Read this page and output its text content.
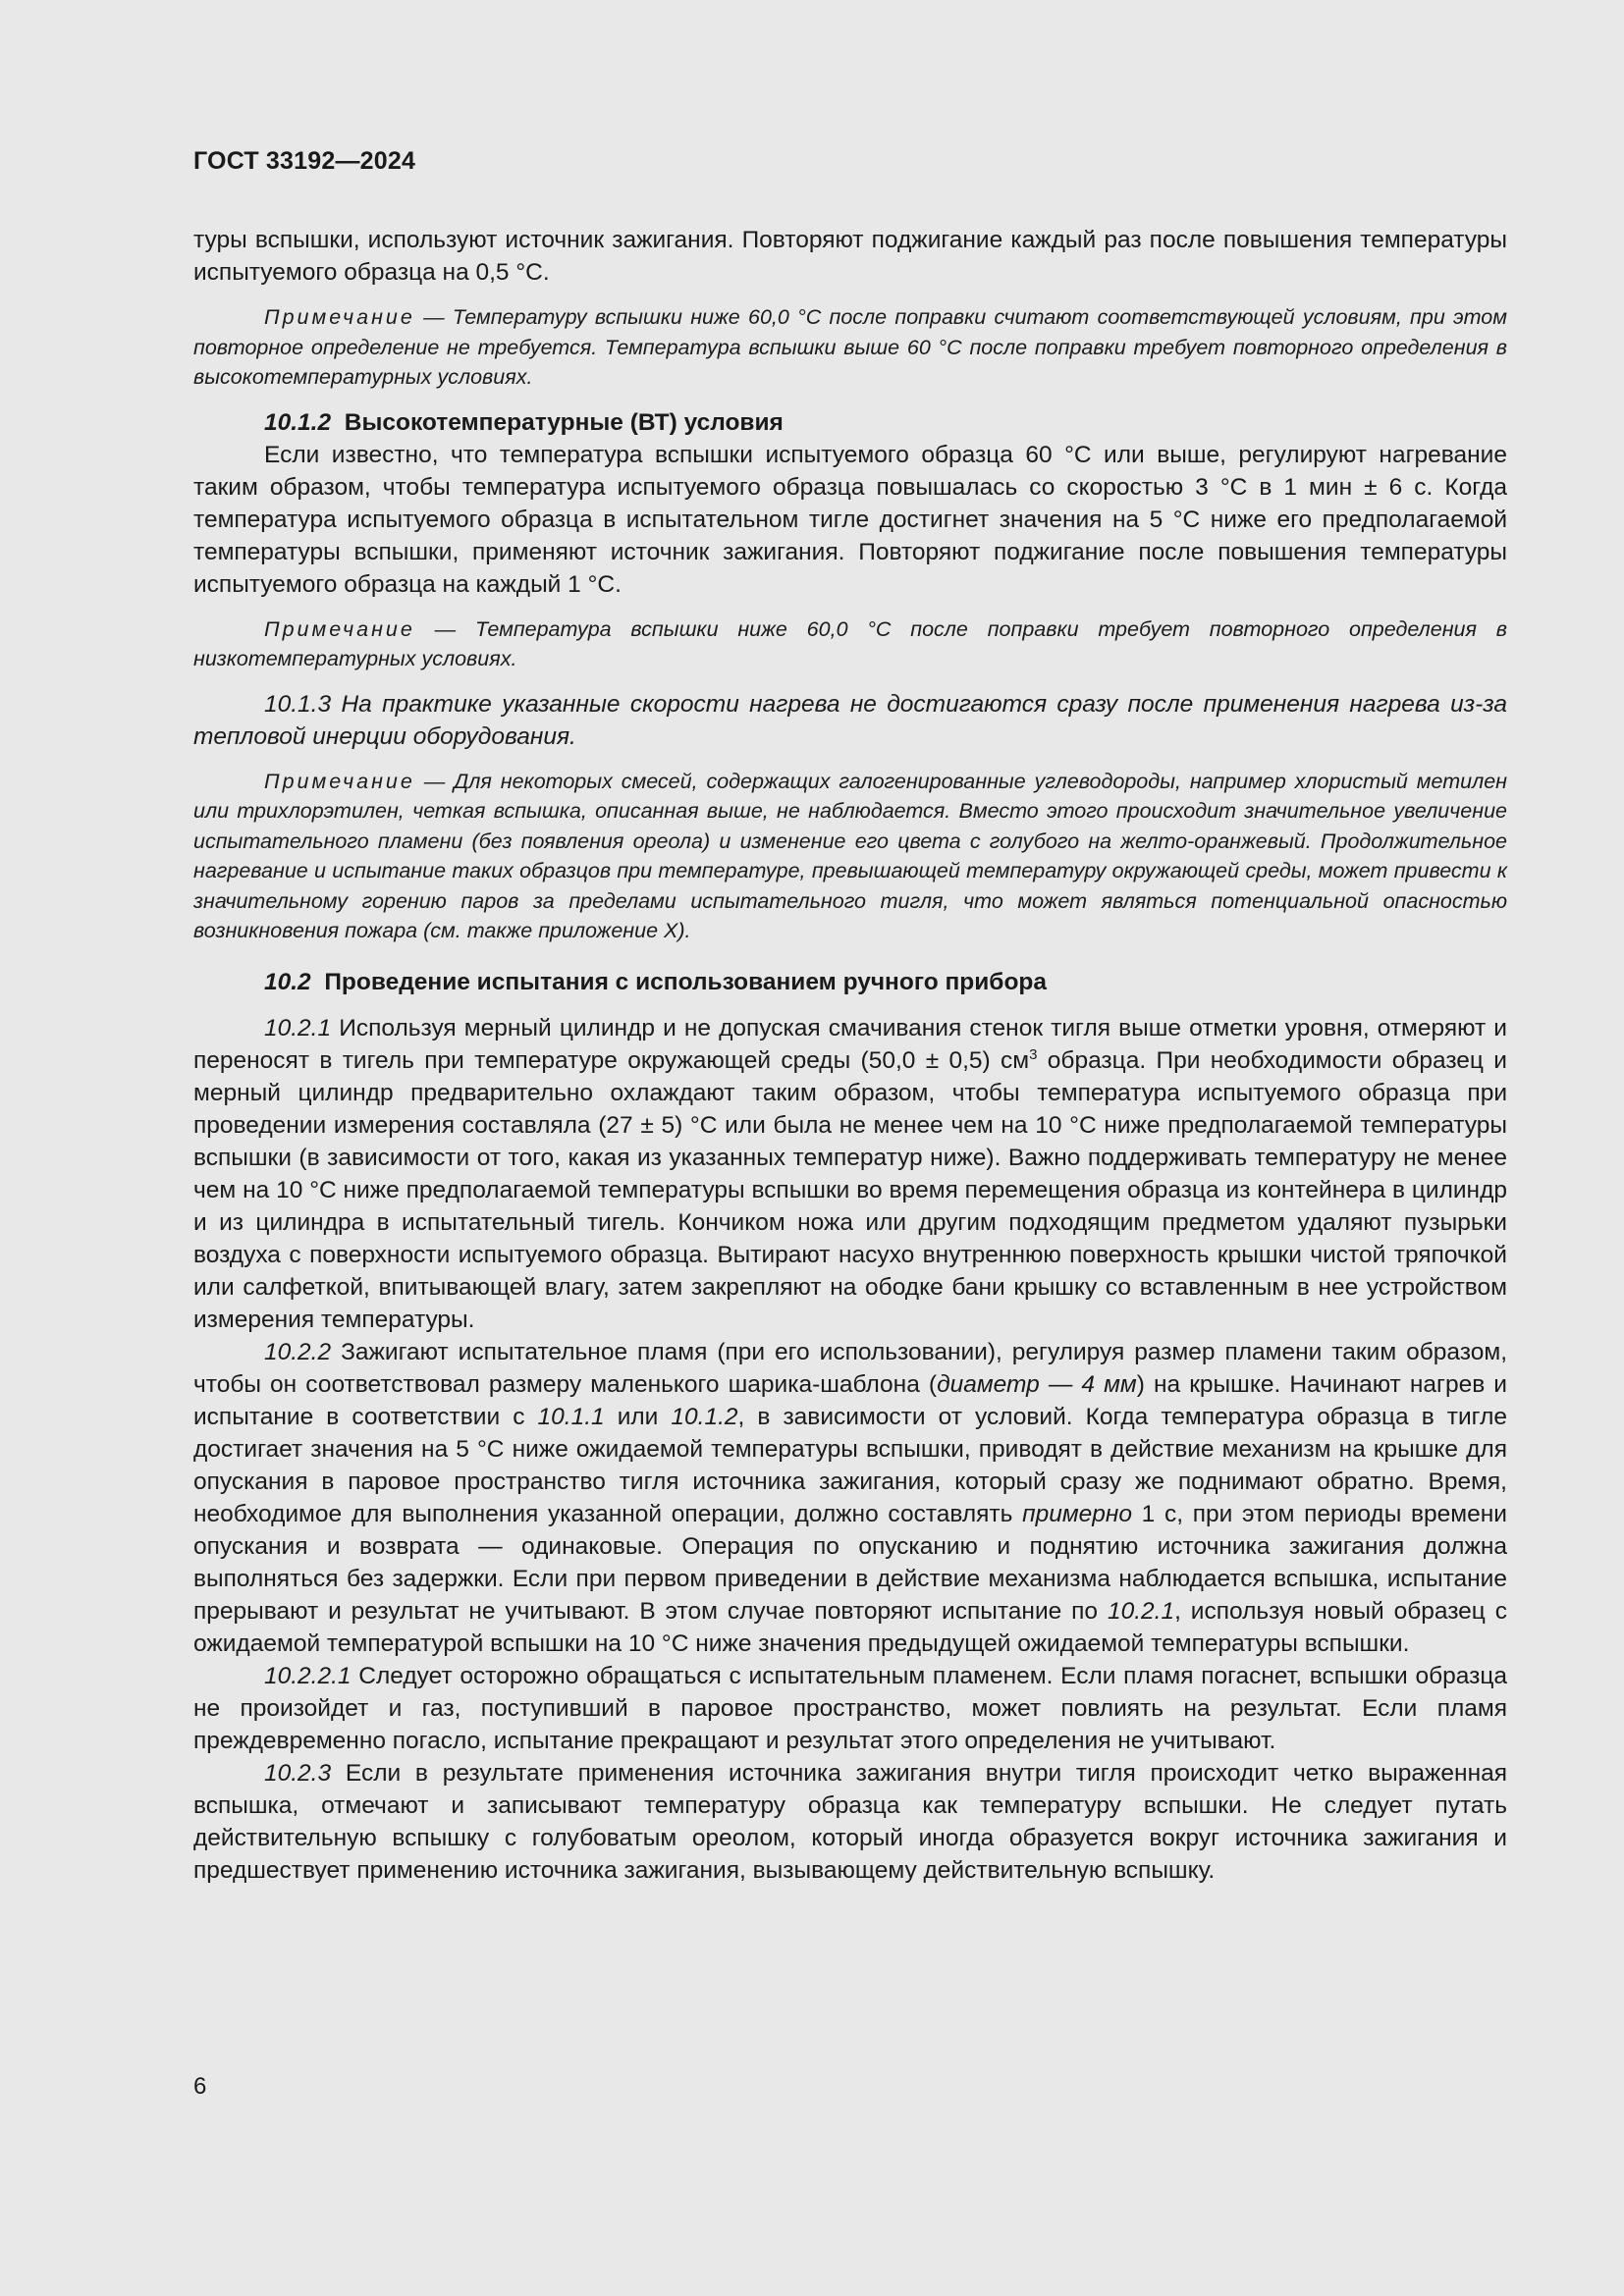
ГОСТ 33192—2024

туры вспышки, используют источник зажигания. Повторяют поджигание каждый раз после повышения температуры испытуемого образца на 0,5 °С.

Примечание — Температуру вспышки ниже 60,0 °С после поправки считают соответствующей условиям, при этом повторное определение не требуется. Температура вспышки выше 60 °С после поправки требует повторного определения в высокотемпературных условиях.

10.1.2 Высокотемпературные (ВТ) условия

Если известно, что температура вспышки испытуемого образца 60 °С или выше, регулируют нагревание таким образом, чтобы температура испытуемого образца повышалась со скоростью 3 °С в 1 мин ± 6 с. Когда температура испытуемого образца в испытательном тигле достигнет значения на 5 °С ниже его предполагаемой температуры вспышки, применяют источник зажигания. Повторяют поджигание после повышения температуры испытуемого образца на каждый 1 °С.

Примечание — Температура вспышки ниже 60,0 °С после поправки требует повторного определения в низкотемпературных условиях.

10.1.3 На практике указанные скорости нагрева не достигаются сразу после применения нагрева из-за тепловой инерции оборудования.

Примечание — Для некоторых смесей, содержащих галогенированные углеводороды, например хлористый метилен или трихлорэтилен, четкая вспышка, описанная выше, не наблюдается. Вместо этого происходит значительное увеличение испытательного пламени (без появления ореола) и изменение его цвета с голубого на желто-оранжевый. Продолжительное нагревание и испытание таких образцов при температуре, превышающей температуру окружающей среды, может привести к значительному горению паров за пределами испытательного тигля, что может являться потенциальной опасностью возникновения пожара (см. также приложение X).

10.2 Проведение испытания с использованием ручного прибора

10.2.1 Используя мерный цилиндр и не допуская смачивания стенок тигля выше отметки уровня, отмеряют и переносят в тигель при температуре окружающей среды (50,0 ± 0,5) $см^3$ образца. При необходимости образец и мерный цилиндр предварительно охлаждают таким образом, чтобы температура испытуемого образца при проведении измерения составляла (27 ± 5) °С или была не менее чем на 10 °С ниже предполагаемой температуры вспышки (в зависимости от того, какая из указанных температур ниже). Важно поддерживать температуру не менее чем на 10 °С ниже предполагаемой температуры вспышки во время перемещения образца из контейнера в цилиндр и из цилиндра в испытательный тигель. Кончиком ножа или другим подходящим предметом удаляют пузырьки воздуха с поверхности испытуемого образца. Вытирают насухо внутреннюю поверхность крышки чистой тряпочкой или салфеткой, впитывающей влагу, затем закрепляют на ободке бани крышку со вставленным в нее устройством измерения температуры.

10.2.2 Зажигают испытательное пламя (при его использовании), регулируя размер пламени таким образом, чтобы он соответствовал размеру маленького шарика-шаблона (диаметр — 4 мм) на крышке. Начинают нагрев и испытание в соответствии с 10.1.1 или 10.1.2, в зависимости от условий. Когда температура образца в тигле достигает значения на 5 °С ниже ожидаемой температуры вспышки, приводят в действие механизм на крышке для опускания в паровое пространство тигля источника зажигания, который сразу же поднимают обратно. Время, необходимое для выполнения указанной операции, должно составлять примерно 1 с, при этом периоды времени опускания и возврата — одинаковые. Операция по опусканию и поднятию источника зажигания должна выполняться без задержки. Если при первом приведении в действие механизма наблюдается вспышка, испытание прерывают и результат не учитывают. В этом случае повторяют испытание по 10.2.1, используя новый образец с ожидаемой температурой вспышки на 10 °С ниже значения предыдущей ожидаемой температуры вспышки.

10.2.2.1 Следует осторожно обращаться с испытательным пламенем. Если пламя погаснет, вспышки образца не произойдет и газ, поступивший в паровое пространство, может повлиять на результат. Если пламя преждевременно погасло, испытание прекращают и результат этого определения не учитывают.

10.2.3 Если в результате применения источника зажигания внутри тигля происходит четко выраженная вспышка, отмечают и записывают температуру образца как температуру вспышки. Не следует путать действительную вспышку с голубоватым ореолом, который иногда образуется вокруг источника зажигания и предшествует применению источника зажигания, вызывающему действительную вспышку.

6
